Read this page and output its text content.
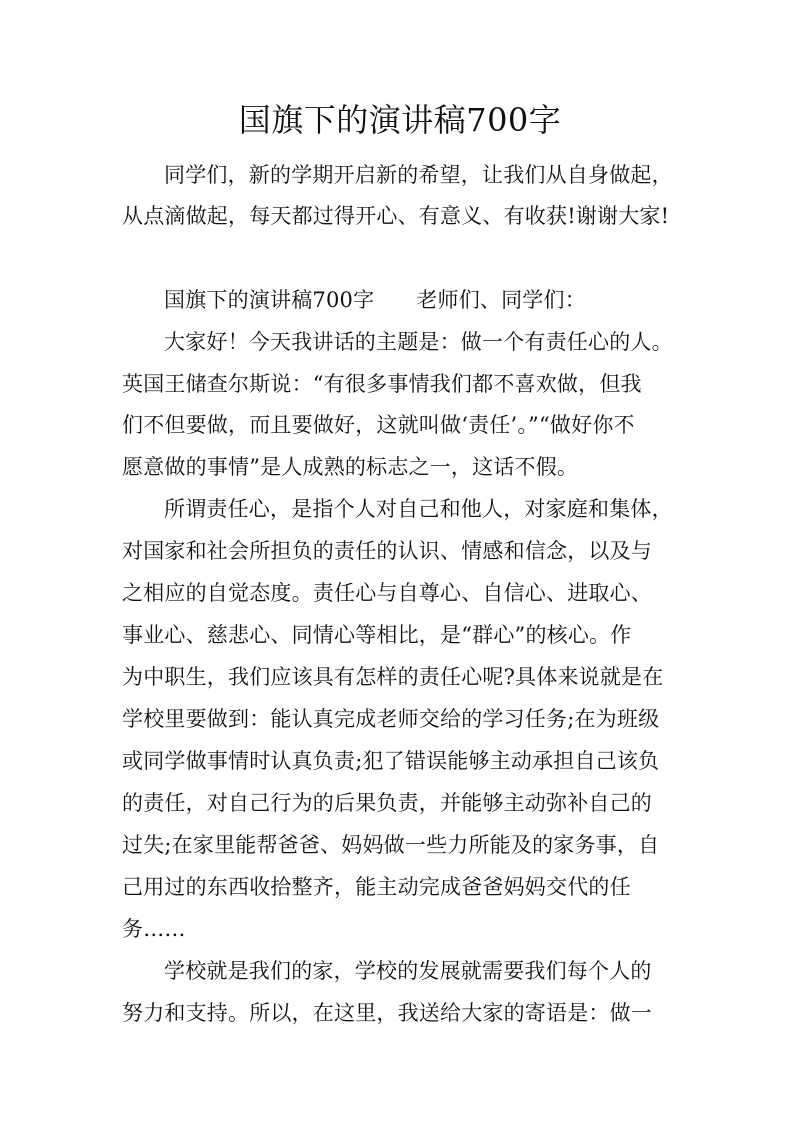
国旗下的演讲稿700字
同学们，新的学期开启新的希望，让我们从自身做起，
从点滴做起，每天都过得开心、有意义、有收获!谢谢大家!
国旗下的演讲稿700字 老师们、同学们：
大家好！今天我讲话的主题是：做一个有责任心的人。
英国王储查尔斯说：“有很多事情我们都不喜欢做，但我
们不但要做，而且要做好，这就叫做‘责任’。”“做好你不
愿意做的事情”是人成熟的标志之一，这话不假。
所谓责任心，是指个人对自己和他人，对家庭和集体，
对国家和社会所担负的责任的认识、情感和信念，以及与
之相应的自觉态度。责任心与自尊心、自信心、进取心、
事业心、慈悲心、同情心等相比，是“群心”的核心。作
为中职生，我们应该具有怎样的责任心呢?具体来说就是在
学校里要做到：能认真完成老师交给的学习任务;在为班级
或同学做事情时认真负责;犯了错误能够主动承担自己该负
的责任，对自己行为的后果负责，并能够主动弥补自己的
过失;在家里能帮爸爸、妈妈做一些力所能及的家务事，自
己用过的东西收拾整齐，能主动完成爸爸妈妈交代的任
务……
学校就是我们的家，学校的发展就需要我们每个人的
努力和支持。所以，在这里，我送给大家的寄语是：做一
